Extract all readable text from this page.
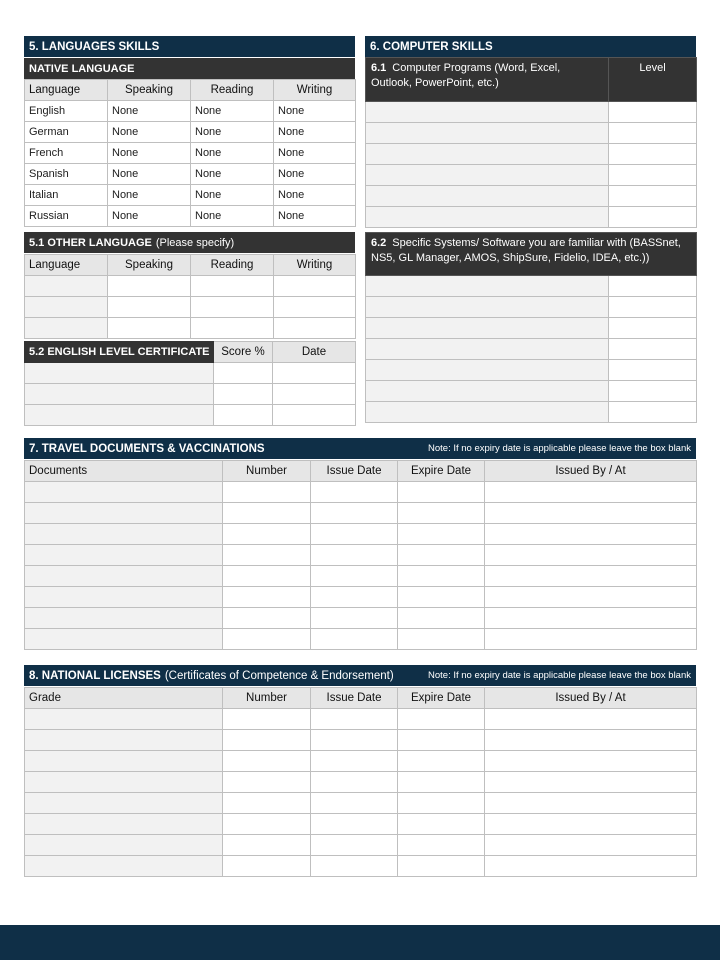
5. LANGUAGES SKILLS
NATIVE LANGUAGE
Language	Speaking	Reading	Writing
English	None	None	None
German	None	None	None
French	None	None	None
Spanish	None	None	None
Italian	None	None	None
Russian	None	None	None
5.1 OTHER LANGUAGE (Please specify)
Language	Speaking	Reading	Writing

5.2 ENGLISH LEVEL CERTIFICATE	Score %	Date

6. COMPUTER SKILLS
6.1 Computer Programs (Word, Excel, Outlook, PowerPoint, etc.)	Level

6.2 Specific Systems/ Software you are familiar with (BASSnet, NS5, GL Manager, AMOS, ShipSure, Fidelio, IDEA, etc.))	

7. TRAVEL DOCUMENTS & VACCINATIONS	Note: If no expiry date is applicable please leave the box blank
Documents	Number	Issue Date	Expire Date	Issued By / At

8. NATIONAL LICENSES (Certificates of Competence & Endorsement)	Note: If no expiry date is applicable please leave the box blank
Grade	Number	Issue Date	Expire Date	Issued By / At
